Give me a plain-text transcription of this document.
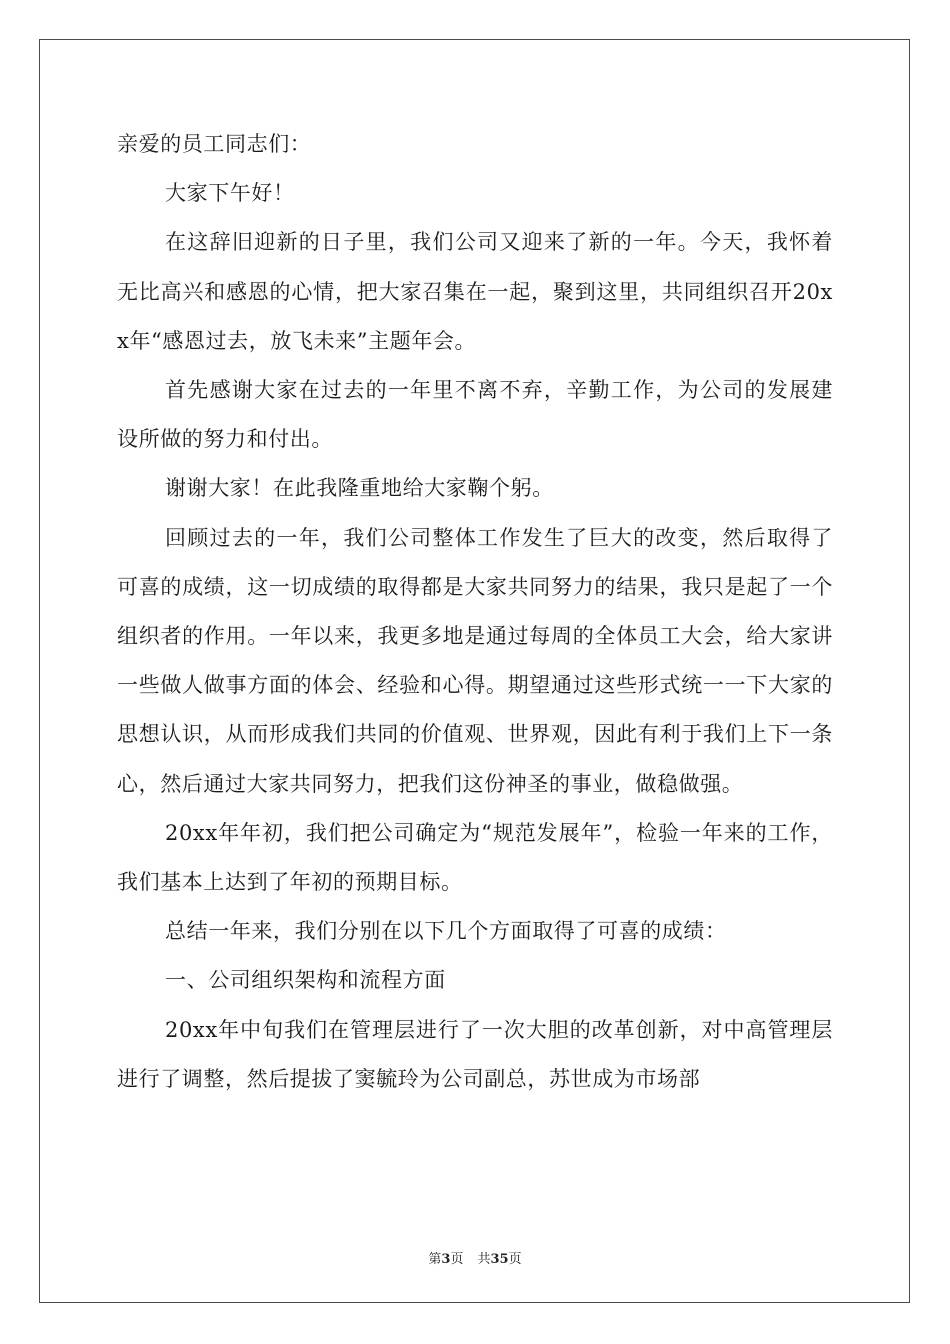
亲爱的员工同志们：

大家下午好！

在这辞旧迎新的日子里，我们公司又迎来了新的一年。今天，我怀着无比高兴和感恩的心情，把大家召集在一起，聚到这里，共同组织召开20xx年“感恩过去，放飞未来”主题年会。

首先感谢大家在过去的一年里不离不弃，辛勤工作，为公司的发展建设所做的努力和付出。

谢谢大家！在此我隆重地给大家鞠个躬。

回顾过去的一年，我们公司整体工作发生了巨大的改变，然后取得了可喜的成绩，这一切成绩的取得都是大家共同努力的结果，我只是起了一个组织者的作用。一年以来，我更多地是通过每周的全体员工大会，给大家讲一些做人做事方面的体会、经验和心得。期望通过这些形式统一一下大家的思想认识，从而形成我们共同的价值观、世界观，因此有利于我们上下一条心，然后通过大家共同努力，把我们这份神圣的事业，做稳做强。

20xx年年初，我们把公司确定为“规范发展年”，检验一年来的工作，我们基本上达到了年初的预期目标。

总结一年来，我们分别在以下几个方面取得了可喜的成绩：

一、公司组织架构和流程方面

20xx年中旬我们在管理层进行了一次大胆的改革创新，对中高管理层进行了调整，然后提拔了窦毓玲为公司副总，苏世成为市场部

第3页 共35页
